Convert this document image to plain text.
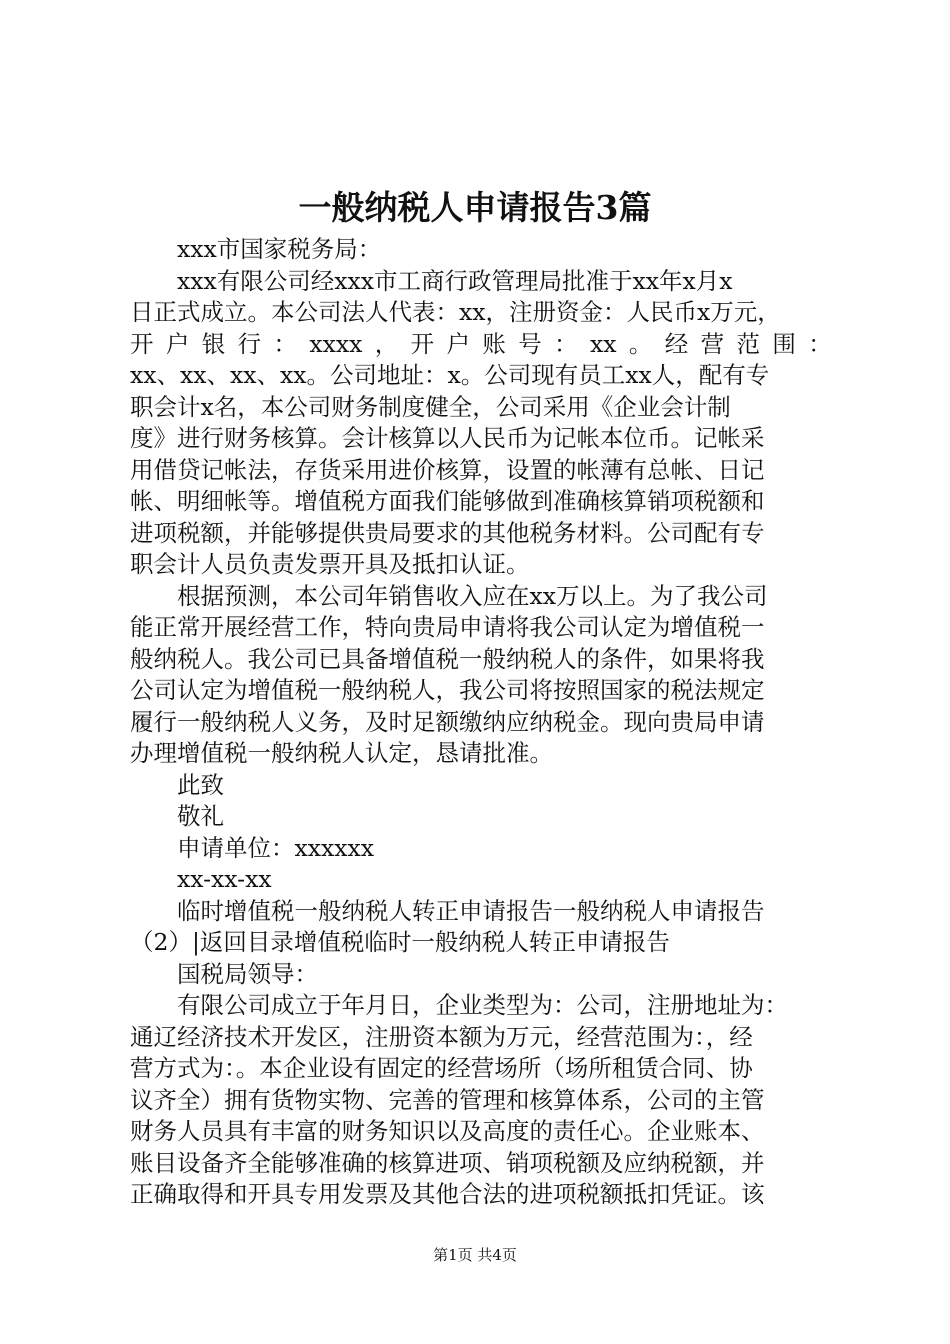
一般纳税人申请报告3篇
xxx市国家税务局：
xxx有限公司经xxx市工商行政管理局批准于xx年x月x
日正式成立。本公司法人代表：xx，注册资金：人民币x万元，
开 户 银 行 ： xxxx ， 开 户 账 号 ： xx 。 经 营 范 围 ：
xx、xx、xx、xx。公司地址：x。公司现有员工xx人，配有专
职会计x名，本公司财务制度健全，公司采用《企业会计制
度》进行财务核算。会计核算以人民币为记帐本位币。记帐采
用借贷记帐法，存货采用进价核算，设置的帐薄有总帐、日记
帐、明细帐等。增值税方面我们能够做到准确核算销项税额和
进项税额，并能够提供贵局要求的其他税务材料。公司配有专
职会计人员负责发票开具及抵扣认证。
根据预测，本公司年销售收入应在xx万以上。为了我公司
能正常开展经营工作，特向贵局申请将我公司认定为增值税一
般纳税人。我公司已具备增值税一般纳税人的条件，如果将我
公司认定为增值税一般纳税人，我公司将按照国家的税法规定
履行一般纳税人义务，及时足额缴纳应纳税金。现向贵局申请
办理增值税一般纳税人认定，恳请批准。
此致
敬礼
申请单位：xxxxxx
xx-xx-xx
临时增值税一般纳税人转正申请报告一般纳税人申请报告
（2）|返回目录增值税临时一般纳税人转正申请报告
国税局领导：
有限公司成立于年月日，企业类型为：公司，注册地址为：
通辽经济技术开发区，注册资本额为万元，经营范围为：，经
营方式为：。本企业设有固定的经营场所（场所租赁合同、协
议齐全）拥有货物实物、完善的管理和核算体系，公司的主管
财务人员具有丰富的财务知识以及高度的责任心。企业账本、
账目设备齐全能够准确的核算进项、销项税额及应纳税额，并
正确取得和开具专用发票及其他合法的进项税额抵扣凭证。该
第1页 共4页
